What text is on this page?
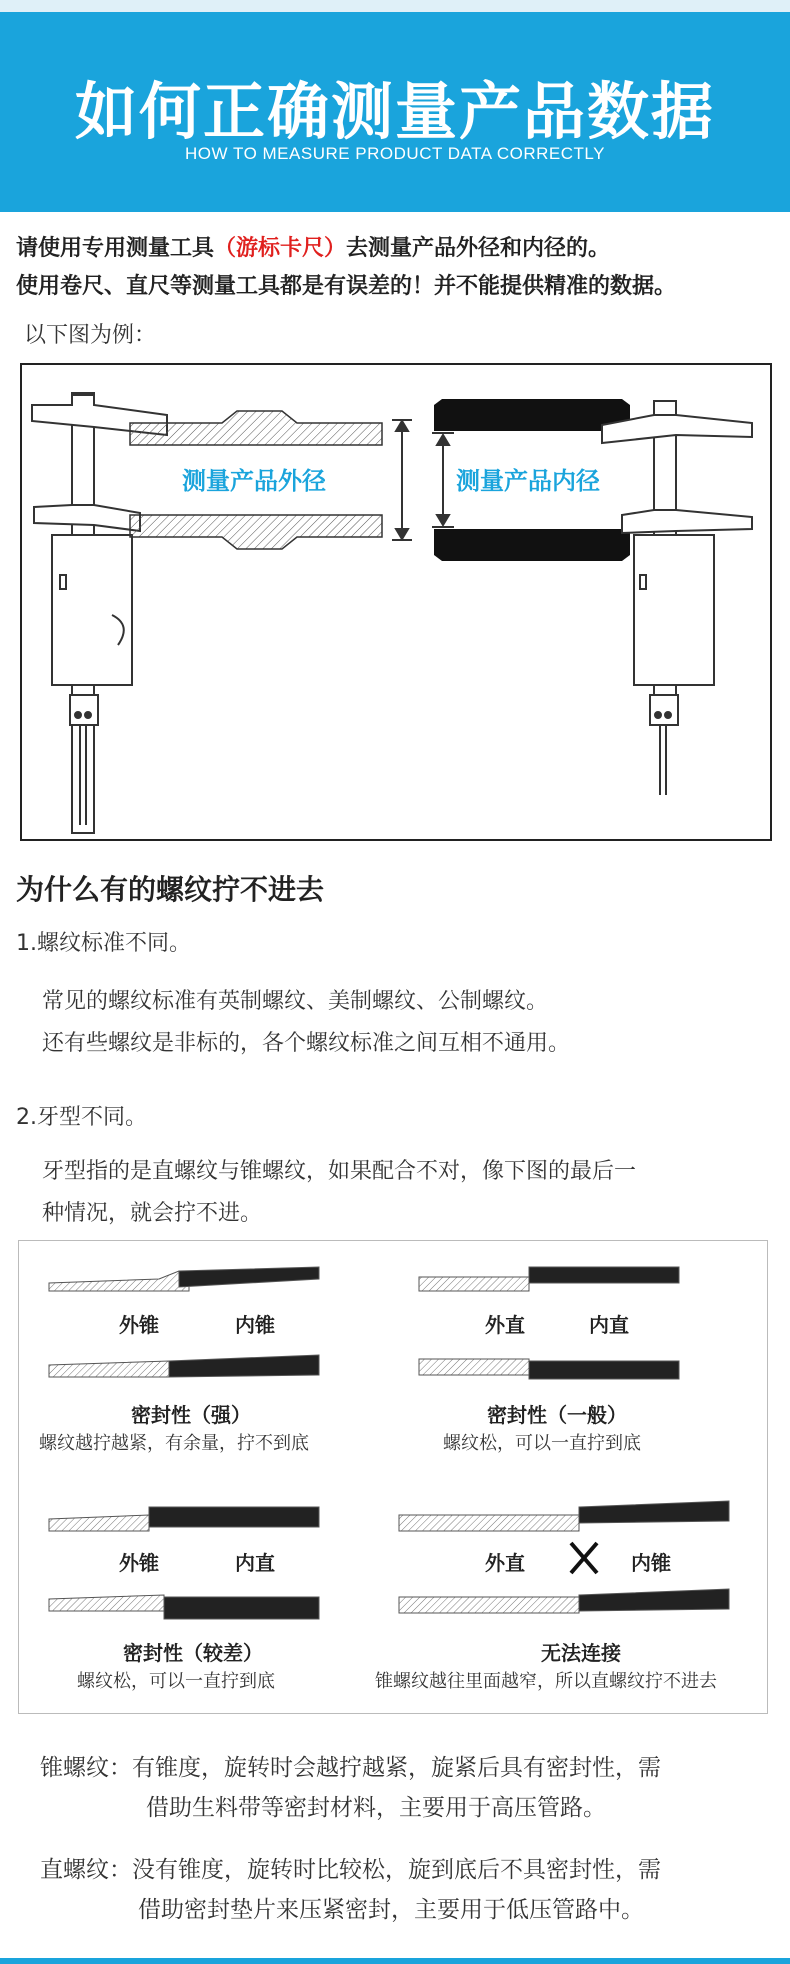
如何正确测量产品数据
HOW TO MEASURE PRODUCT DATA CORRECTLY
请使用专用测量工具（游标卡尺）去测量产品外径和内径的。
使用卷尺、直尺等测量工具都是有误差的！并不能提供精准的数据。
以下图为例：
测量产品外径	测量产品内径
为什么有的螺纹拧不进去
1.螺纹标准不同。
常见的螺纹标准有英制螺纹、美制螺纹、公制螺纹。
还有些螺纹是非标的，各个螺纹标准之间互相不通用。
2.牙型不同。
牙型指的是直螺纹与锥螺纹，如果配合不对，像下图的最后一
种情况，就会拧不进。
外锥	内锥
密封性（强）
螺纹越拧越紧，有余量，拧不到底
外直	内直
密封性（一般）
螺纹松，可以一直拧到底
外锥	内直
密封性（较差）
螺纹松，可以一直拧到底
外直	内锥
无法连接
锥螺纹越往里面越窄，所以直螺纹拧不进去
锥螺纹：有锥度，旋转时会越拧越紧，旋紧后具有密封性，需
借助生料带等密封材料，主要用于高压管路。
直螺纹：没有锥度，旋转时比较松，旋到底后不具密封性，需
借助密封垫片来压紧密封，主要用于低压管路中。
